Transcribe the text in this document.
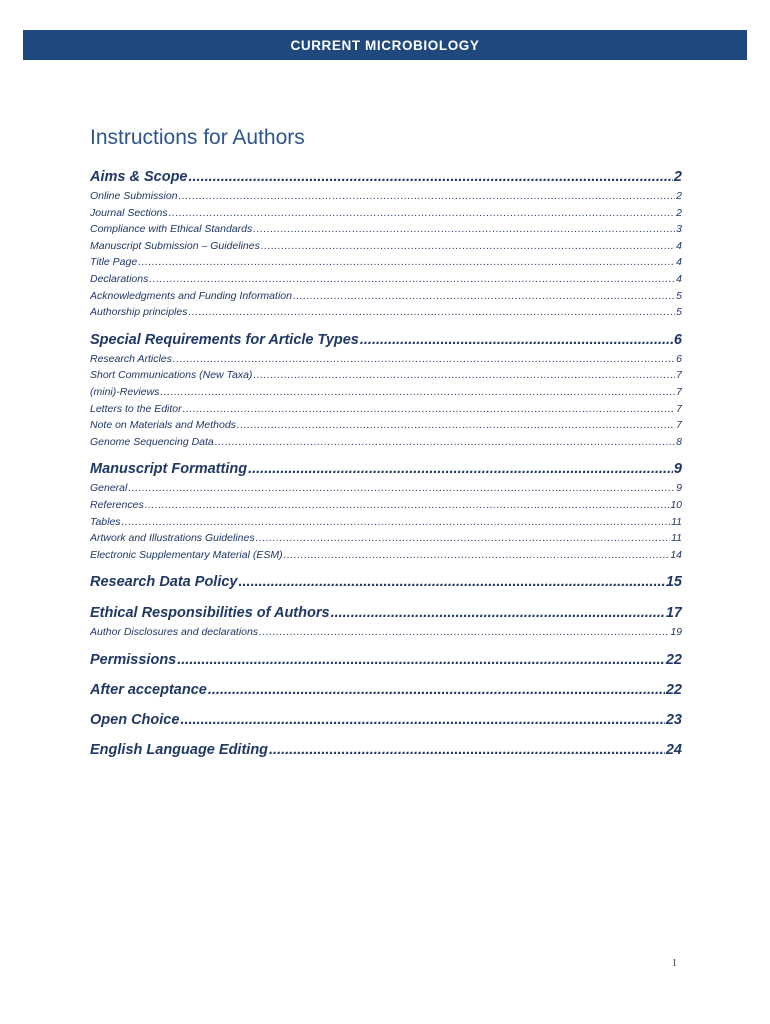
CURRENT MICROBIOLOGY
Instructions for Authors
Aims & Scope .....	2
Online Submission .....	2
Journal Sections .....	2
Compliance with Ethical Standards .....	3
Manuscript Submission – Guidelines .....	4
Title Page .....	4
Declarations .....	4
Acknowledgments and Funding Information .....	5
Authorship principles .....	5
Special Requirements for Article Types .....	6
Research Articles .....	6
Short Communications (New Taxa) .....	7
(mini)-Reviews .....	7
Letters to the Editor .....	7
Note on Materials and Methods .....	7
Genome Sequencing Data .....	8
Manuscript Formatting .....	9
General .....	9
References .....	10
Tables .....	11
Artwork and Illustrations Guidelines .....	11
Electronic Supplementary Material (ESM) .....	14
Research Data Policy .....	15
Ethical Responsibilities of Authors .....	17
Author Disclosures and declarations .....	19
Permissions .....	22
After acceptance .....	22
Open Choice .....	23
English Language Editing .....	24
1
